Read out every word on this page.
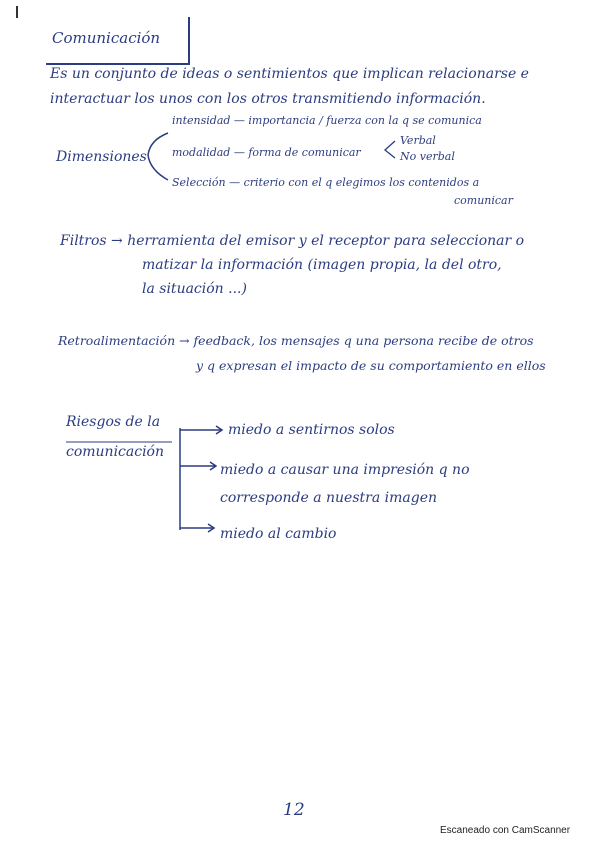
Comunicación
Es un conjunto de ideas o sentimientos que implican relacionarse e
interactuar los unos con los otros transmitiendo información.
Dimensiones
intensidad — importancia / fuerza con la q se comunica
modalidad — forma de comunicar
Verbal
No verbal
Selección — criterio con el q elegimos los contenidos a
comunicar
Filtros → herramienta del emisor y el receptor para seleccionar o
matizar la información (imagen propia, la del otro,
la situación ...)
Retroalimentación → feedback, los mensajes q una persona recibe de otros
y q expresan el impacto de su comportamiento en ellos
Riesgos de la
comunicación
miedo a sentirnos solos
miedo a causar una impresión q no
corresponde a nuestra imagen
miedo al cambio
12
Escaneado con CamScanner
